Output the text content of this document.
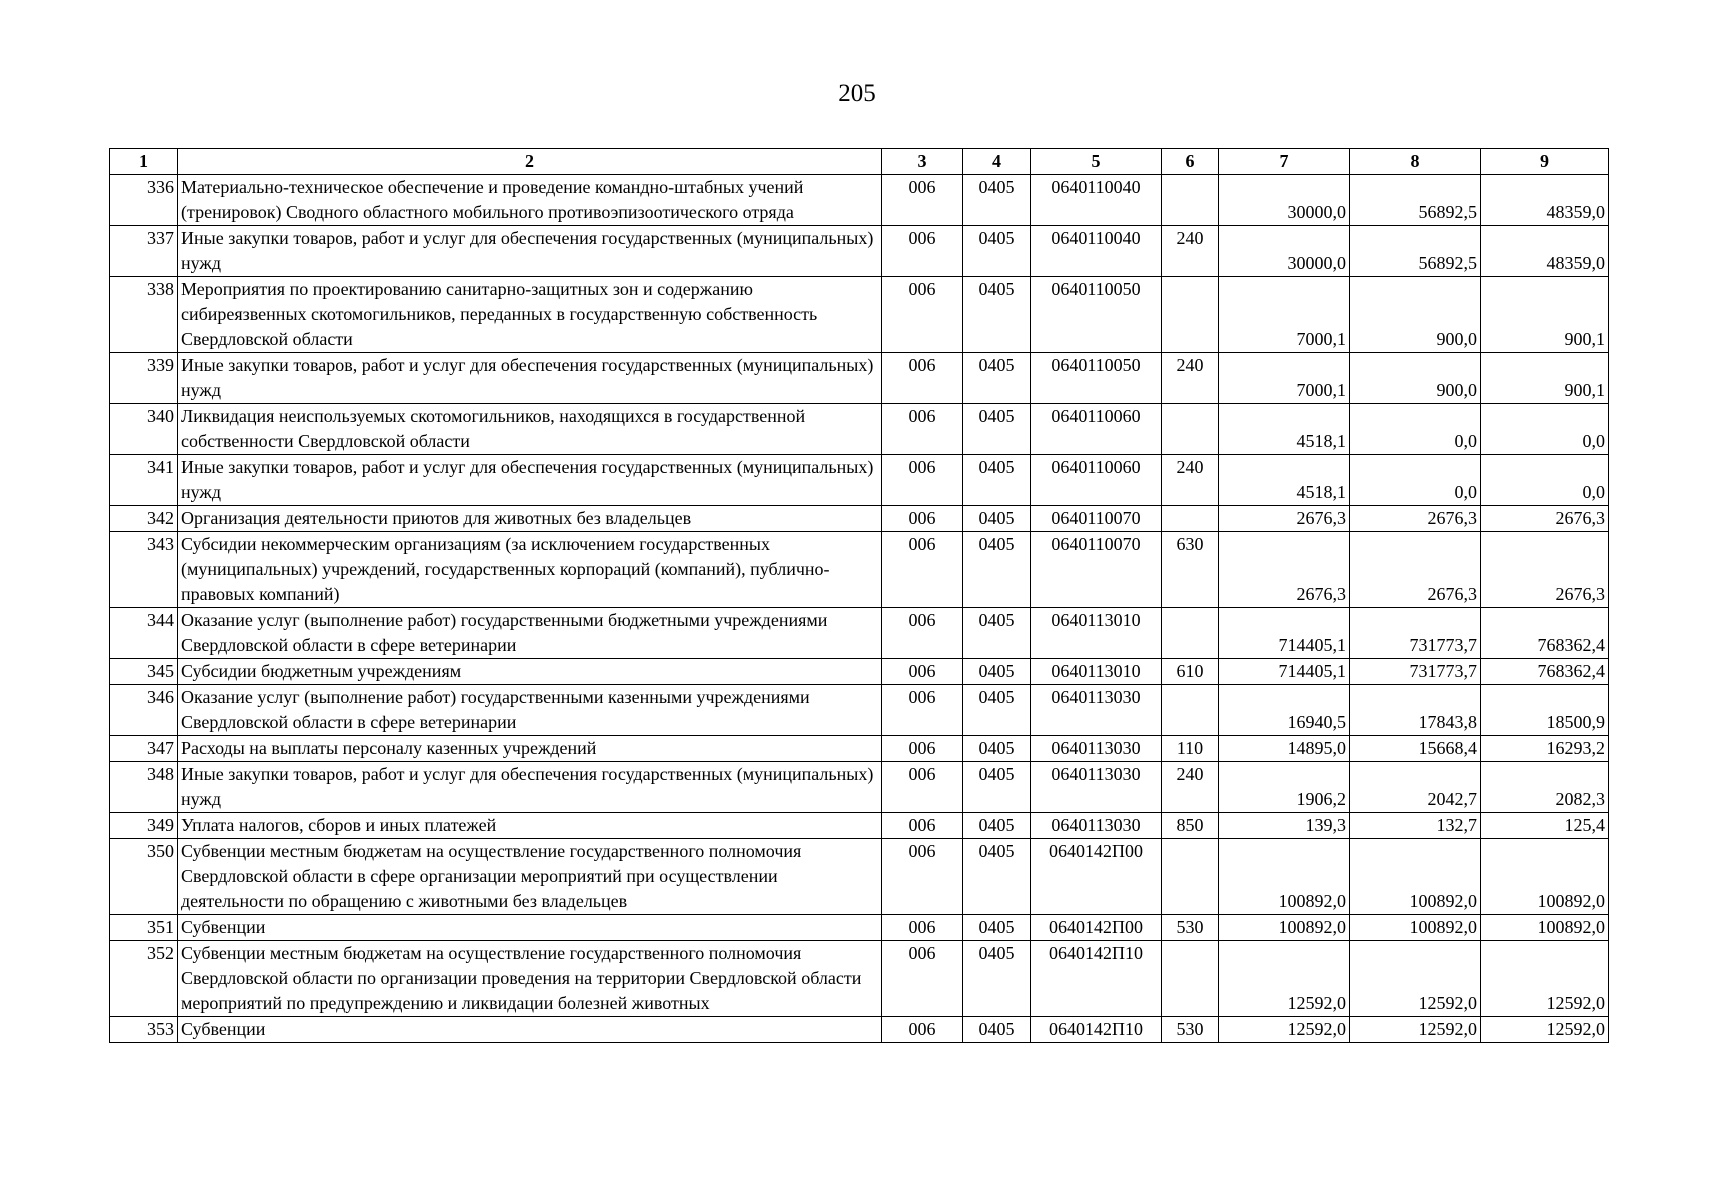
205
1	2	3	4	5	6	7	8	9
336	Материально-техническое обеспечение и проведение командно-штабных учений (тренировок) Сводного областного мобильного противоэпизоотического отряда	006	0405	0640110040		30000,0	56892,5	48359,0
337	Иные закупки товаров, работ и услуг для обеспечения государственных (муниципальных) нужд	006	0405	0640110040	240	30000,0	56892,5	48359,0
338	Мероприятия по проектированию санитарно-защитных зон и содержанию сибиреязвенных скотомогильников, переданных в государственную собственность Свердловской области	006	0405	0640110050		7000,1	900,0	900,1
339	Иные закупки товаров, работ и услуг для обеспечения государственных (муниципальных) нужд	006	0405	0640110050	240	7000,1	900,0	900,1
340	Ликвидация неиспользуемых скотомогильников, находящихся в государственной собственности Свердловской области	006	0405	0640110060		4518,1	0,0	0,0
341	Иные закупки товаров, работ и услуг для обеспечения государственных (муниципальных) нужд	006	0405	0640110060	240	4518,1	0,0	0,0
342	Организация деятельности приютов для животных без владельцев	006	0405	0640110070		2676,3	2676,3	2676,3
343	Субсидии некоммерческим организациям (за исключением государственных (муниципальных) учреждений, государственных корпораций (компаний), публично-правовых компаний)	006	0405	0640110070	630	2676,3	2676,3	2676,3
344	Оказание услуг (выполнение работ) государственными бюджетными учреждениями Свердловской области в сфере ветеринарии	006	0405	0640113010		714405,1	731773,7	768362,4
345	Субсидии бюджетным учреждениям	006	0405	0640113010	610	714405,1	731773,7	768362,4
346	Оказание услуг (выполнение работ) государственными казенными учреждениями Свердловской области в сфере ветеринарии	006	0405	0640113030		16940,5	17843,8	18500,9
347	Расходы на выплаты персоналу казенных учреждений	006	0405	0640113030	110	14895,0	15668,4	16293,2
348	Иные закупки товаров, работ и услуг для обеспечения государственных (муниципальных) нужд	006	0405	0640113030	240	1906,2	2042,7	2082,3
349	Уплата налогов, сборов и иных платежей	006	0405	0640113030	850	139,3	132,7	125,4
350	Субвенции местным бюджетам на осуществление государственного полномочия Свердловской области в сфере организации мероприятий при осуществлении деятельности по обращению с животными без владельцев	006	0405	0640142П00		100892,0	100892,0	100892,0
351	Субвенции	006	0405	0640142П00	530	100892,0	100892,0	100892,0
352	Субвенции местным бюджетам на осуществление государственного полномочия Свердловской области по организации проведения на территории Свердловской области мероприятий по предупреждению и ликвидации болезней животных	006	0405	0640142П10		12592,0	12592,0	12592,0
353	Субвенции	006	0405	0640142П10	530	12592,0	12592,0	12592,0
